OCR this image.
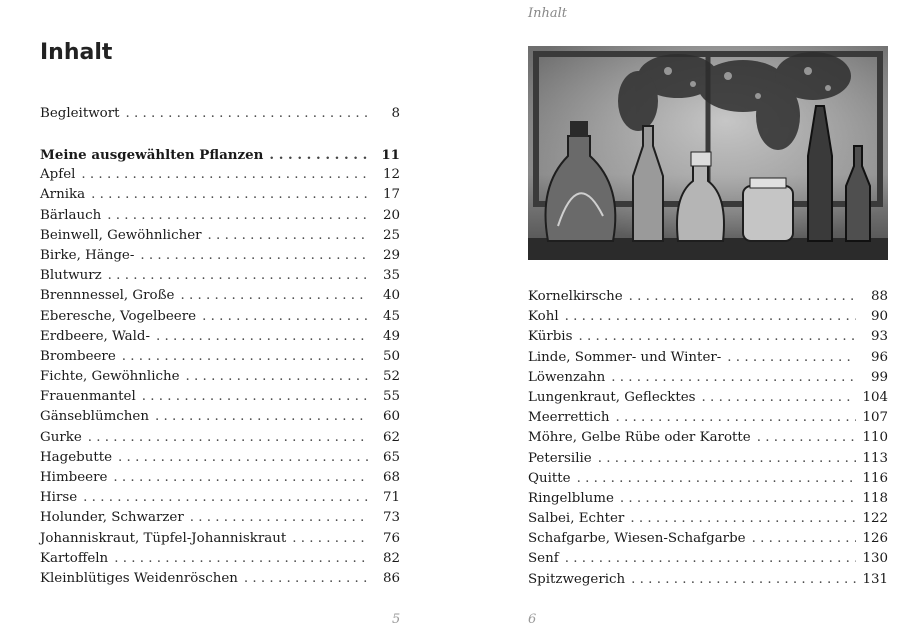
Inhalt
Begleitwort . . .	8
Meine ausgewählten Pflanzen . . .	11
Apfel . . .	12
Arnika . . .	17
Bärlauch . . .	20
Beinwell, Gewöhnlicher . . .	25
Birke, Hänge- . . .	29
Blutwurz . . .	35
Brennnessel, Große . . .	40
Eberesche, Vogelbeere . . .	45
Erdbeere, Wald- . . .	49
Brombeere . . .	50
Fichte, Gewöhnliche . . .	52
Frauenmantel . . .	55
Gänseblümchen . . .	60
Gurke . . .	62
Hagebutte . . .	65
Himbeere . . .	68
Hirse . . .	71
Holunder, Schwarzer . . .	73
Johanniskraut, Tüpfel-Johanniskraut . . .	76
Kartoffeln . . .	82
Kleinblütiges Weidenröschen . . .	86
5
Inhalt
Kornelkirsche . . .	88
Kohl . . .	90
Kürbis . . .	93
Linde, Sommer- und Winter- . . .	96
Löwenzahn . . .	99
Lungenkraut, Geflecktes . . .	104
Meerrettich . . .	107
Möhre, Gelbe Rübe oder Karotte . . .	110
Petersilie . . .	113
Quitte . . .	116
Ringelblume . . .	118
Salbei, Echter . . .	122
Schafgarbe, Wiesen-Schafgarbe . . .	126
Senf . . .	130
Spitzwegerich . . .	131
6
